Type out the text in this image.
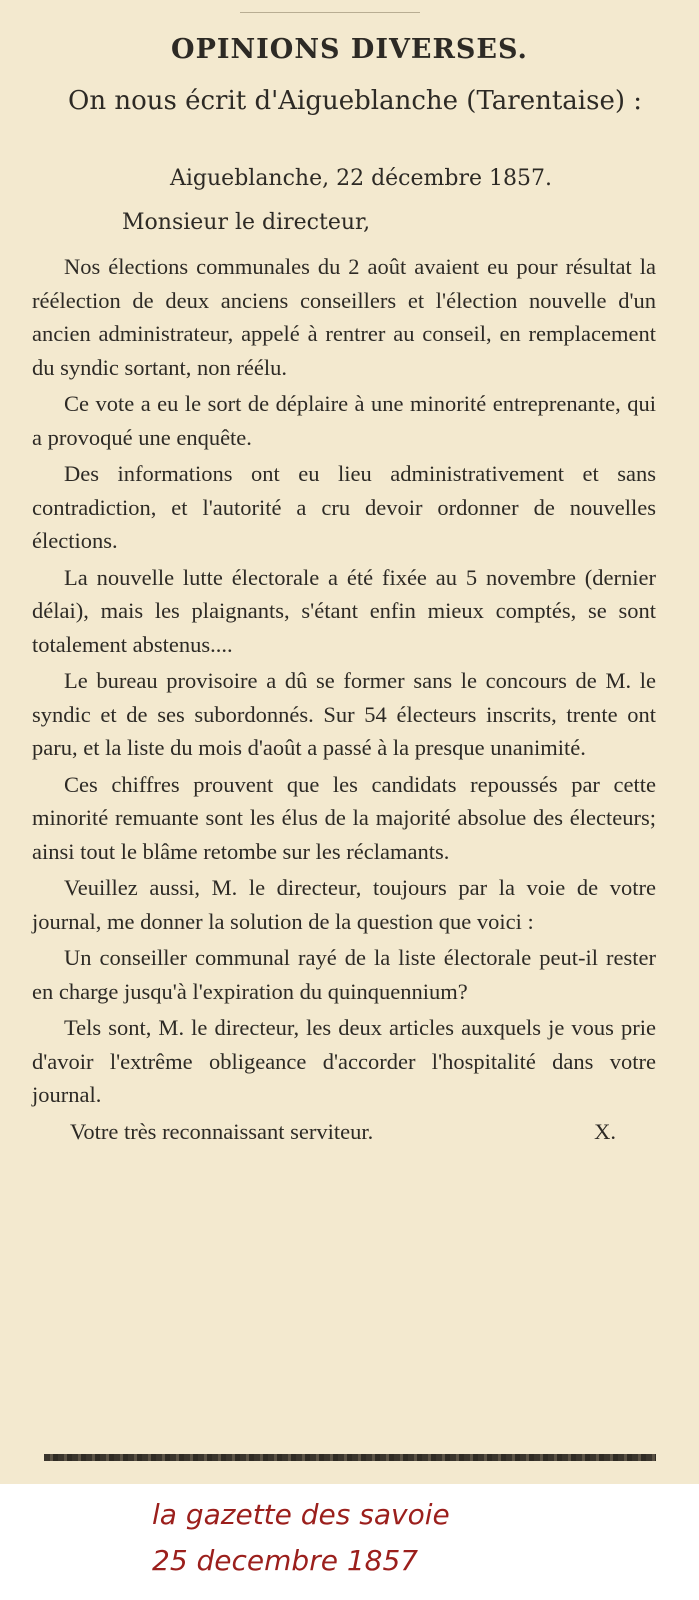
OPINIONS DIVERSES.

On nous écrit d'Aigueblanche (Tarentaise) :

Aigueblanche, 22 décembre 1857.

Monsieur le directeur,

Nos élections communales du 2 août avaient eu pour résultat la réélection de deux anciens conseillers et l'élection nouvelle d'un ancien administrateur, appelé à rentrer au conseil, en remplacement du syndic sortant, non réélu.

Ce vote a eu le sort de déplaire à une minorité entreprenante, qui a provoqué une enquête.

Des informations ont eu lieu administrativement et sans contradiction, et l'autorité a cru devoir ordonner de nouvelles élections.

La nouvelle lutte électorale a été fixée au 5 novembre (dernier délai), mais les plaignants, s'étant enfin mieux comptés, se sont totalement abstenus....

Le bureau provisoire a dû se former sans le concours de M. le syndic et de ses subordonnés. Sur 54 électeurs inscrits, trente ont paru, et la liste du mois d'août a passé à la presque unanimité.

Ces chiffres prouvent que les candidats repoussés par cette minorité remuante sont les élus de la majorité absolue des électeurs; ainsi tout le blâme retombe sur les réclamants.

Veuillez aussi, M. le directeur, toujours par la voie de votre journal, me donner la solution de la question que voici :

Un conseiller communal rayé de la liste électorale peut-il rester en charge jusqu'à l'expiration du quinquennium?

Tels sont, M. le directeur, les deux articles auxquels je vous prie d'avoir l'extrême obligeance d'accorder l'hospitalité dans votre journal.

Votre très reconnaissant serviteur.	X.

la gazette des savoie

25 decembre 1857
